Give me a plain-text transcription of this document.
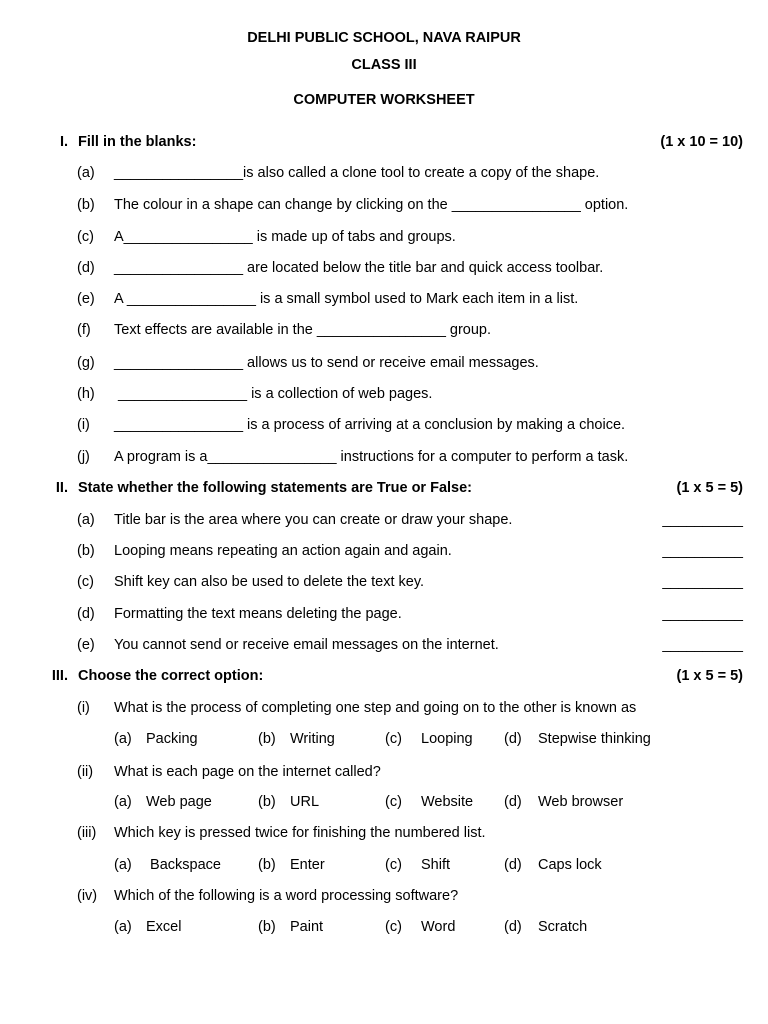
DELHI PUBLIC SCHOOL, NAVA RAIPUR
CLASS III
COMPUTER WORKSHEET
I. Fill in the blanks:	(1 x 10 = 10)
(a) ________________is also called a clone tool to create a copy of the shape.
(b) The colour in a shape can change by clicking on the ________________ option.
(c) A________________ is made up of tabs and groups.
(d) ________________ are located below the title bar and quick access toolbar.
(e) A ________________ is a small symbol used to Mark each item in a list.
(f) Text effects are available in the ________________ group.
(g) ________________ allows us to send or receive email messages.
(h) ________________ is a collection of web pages.
(i) ________________ is a process of arriving at a conclusion by making a choice.
(j) A program is a________________ instructions for a computer to perform a task.
II. State whether the following statements are True or False:	(1 x 5 = 5)
(a) Title bar is the area where you can create or draw your shape.	__________
(b) Looping means repeating an action again and again.	__________
(c) Shift key can also be used to delete the text key.	__________
(d) Formatting the text means deleting the page.	__________
(e) You cannot send or receive email messages on the internet.	__________
III. Choose the correct option:	(1 x 5 = 5)
(i) What is the process of completing one step and going on to the other is known as
(a) Packing	(b) Writing	(c) Looping (d) Stepwise thinking
(ii) What is each page on the internet called?
(a) Web page	(b) URL	(c) Website (d) Web browser
(iii) Which key is pressed twice for finishing the numbered list.
(a) Backspace	(b) Enter	(c) Shift	(d) Caps lock
(iv) Which of the following is a word processing software?
(a) Excel	(b) Paint	(c) Word	(d) Scratch
